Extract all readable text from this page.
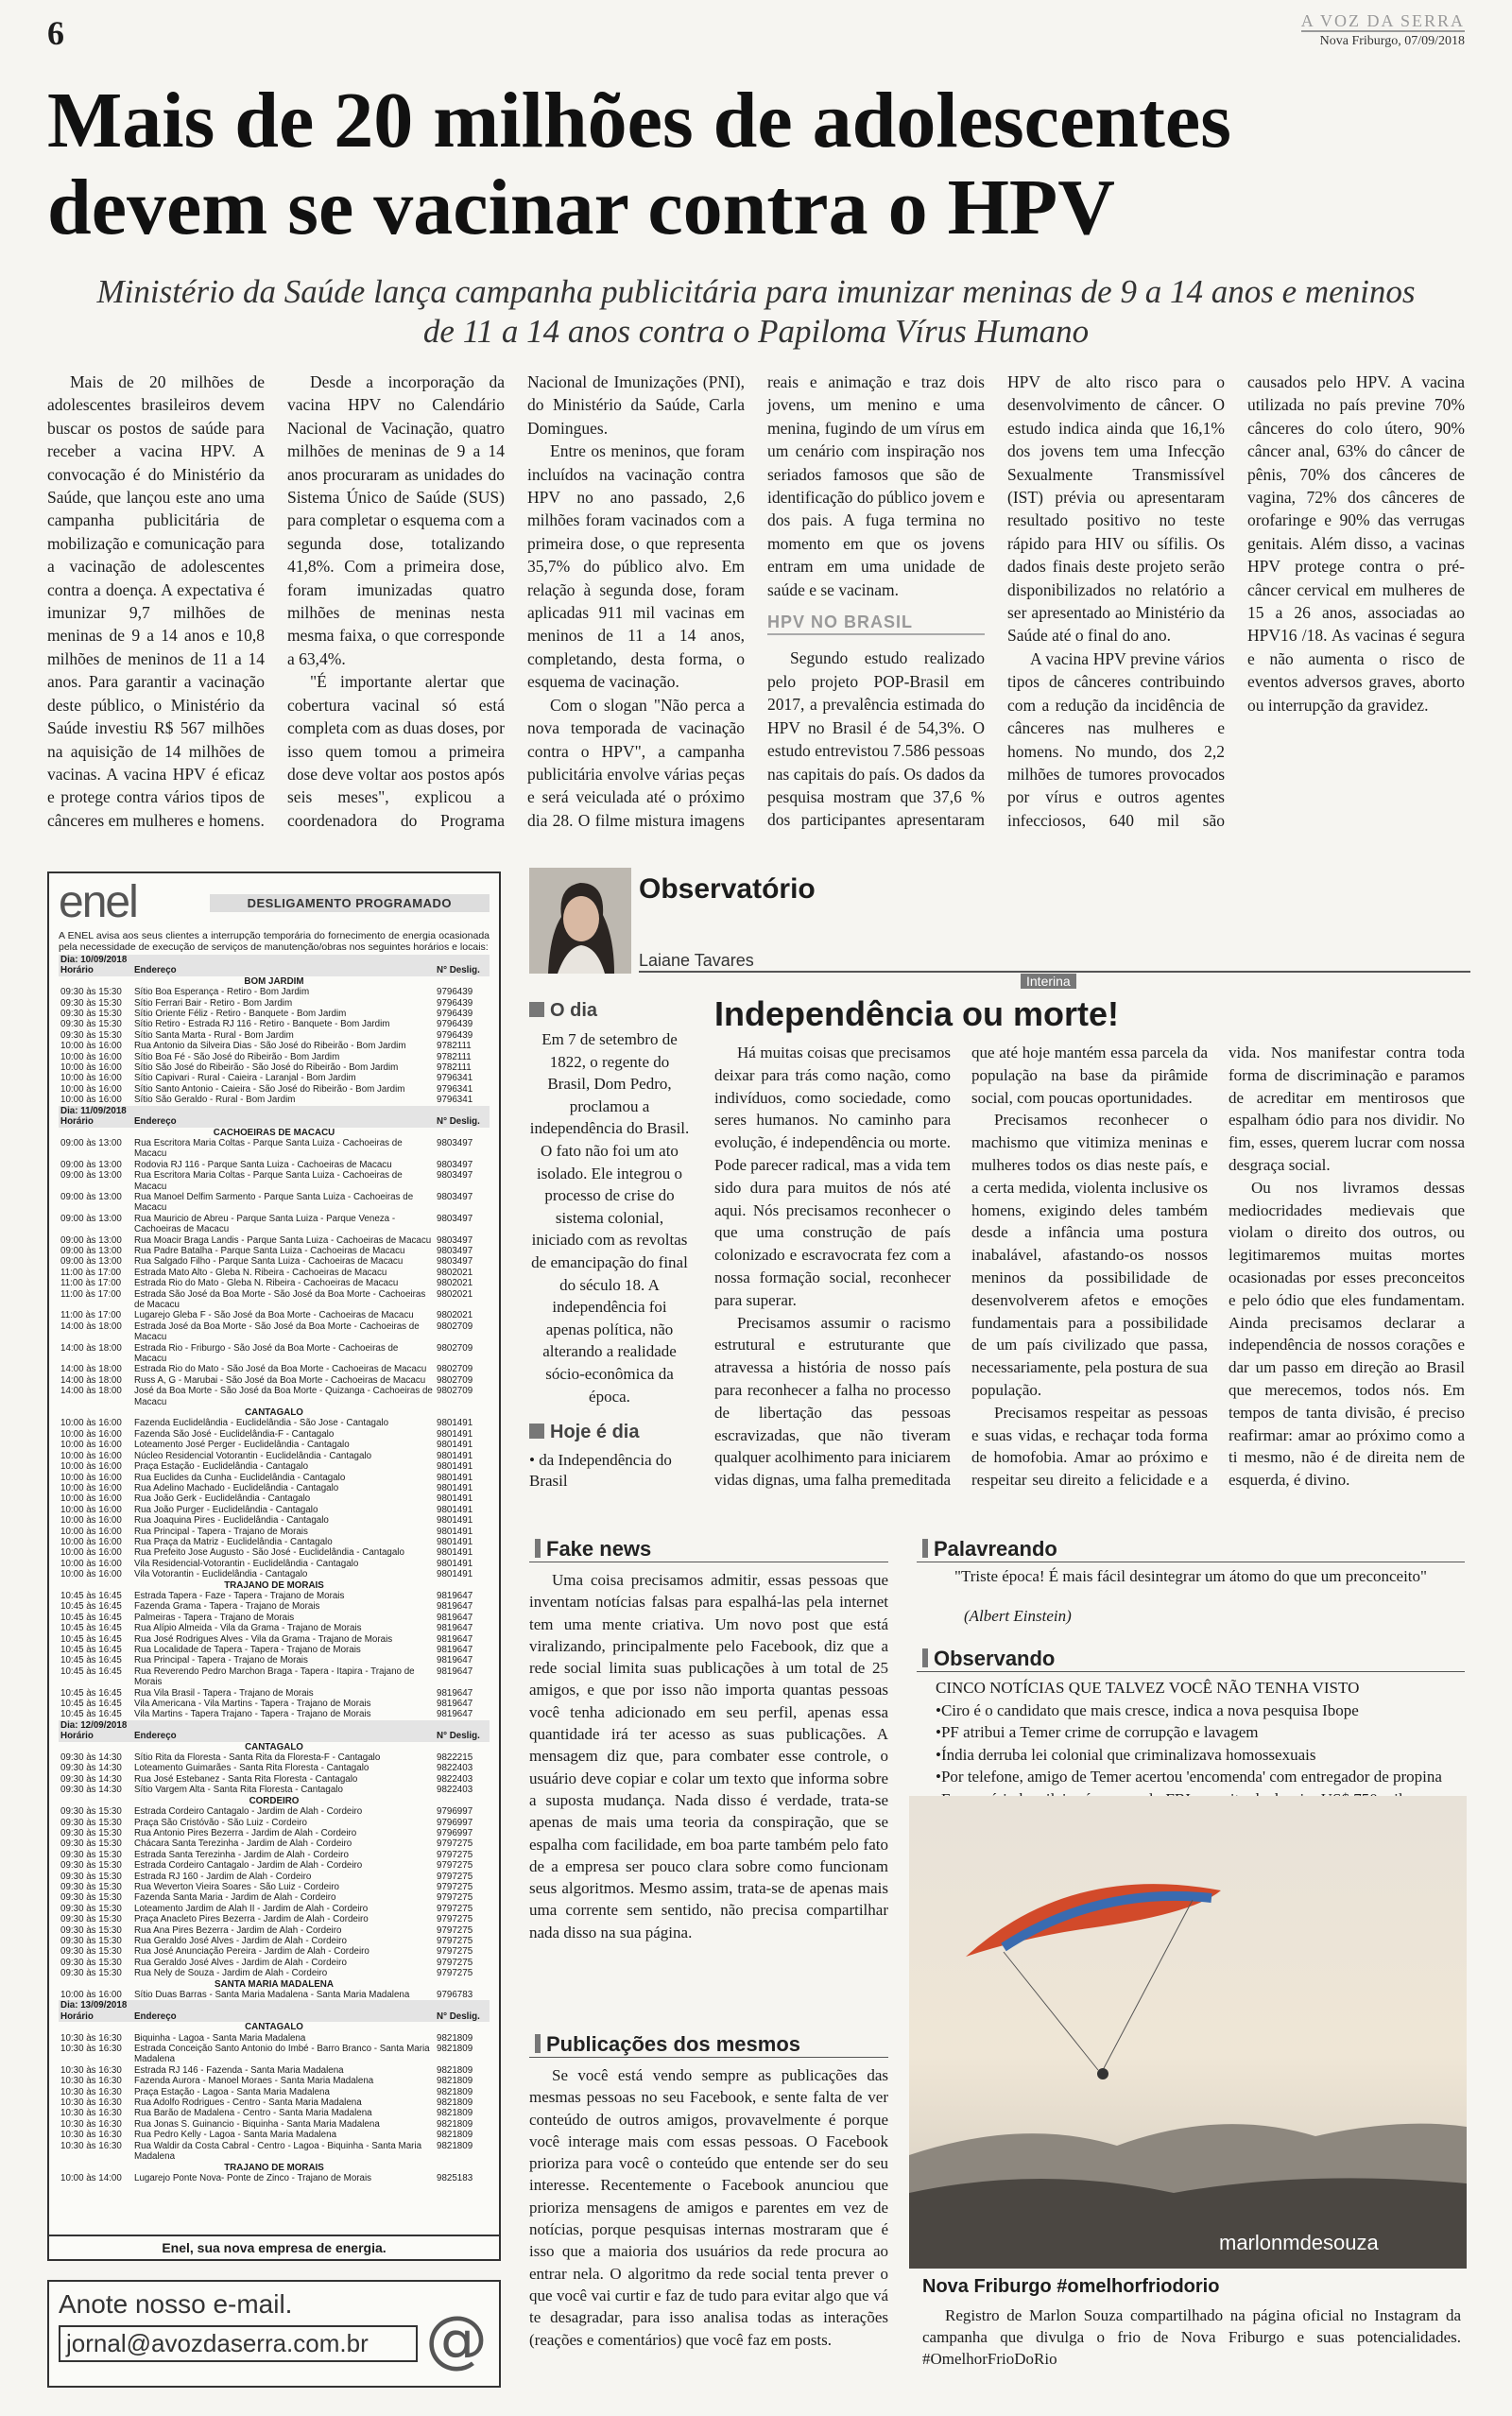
6	A VOZ DA SERRA
Nova Friburgo, 07/09/2018
Mais de 20 milhões de adolescentes devem se vacinar contra o HPV
Ministério da Saúde lança campanha publicitária para imunizar meninas de 9 a 14 anos e meninos de 11 a 14 anos contra o Papiloma Vírus Humano

Mais de 20 milhões de adolescentes brasileiros devem buscar os postos de saúde para receber a vacina HPV. A convocação é do Ministério da Saúde, que lançou este ano uma campanha publicitária de mobilização e comunicação para a vacinação de adolescentes contra a doença. A expectativa é imunizar 9,7 milhões de meninas de 9 a 14 anos e 10,8 milhões de meninos de 11 a 14 anos. Para garantir a vacinação deste público, o Ministério da Saúde investiu R$ 567 milhões na aquisição de 14 milhões de vacinas. A vacina HPV é eficaz e protege contra vários tipos de cânceres em mulheres e homens.

Desde a incorporação da vacina HPV no Calendário Nacional de Vacinação, quatro milhões de meninas de 9 a 14 anos procuraram as unidades do Sistema Único de Saúde (SUS) para completar o esquema com a segunda dose, totalizando 41,8%. Com a primeira dose, foram imunizadas quatro milhões de meninas nesta mesma faixa, o que corresponde a 63,4%.

"É importante alertar que cobertura vacinal só está completa com as duas doses, por isso quem tomou a primeira dose deve voltar aos postos após seis meses", explicou a coordenadora do Programa Nacional de Imunizações (PNI), do Ministério da Saúde, Carla Domingues.

Entre os meninos, que foram incluídos na vacinação contra HPV no ano passado, 2,6 milhões foram vacinados com a primeira dose, o que representa 35,7% do público alvo. Em relação à segunda dose, foram aplicadas 911 mil vacinas em meninos de 11 a 14 anos, completando, desta forma, o esquema de vacinação.

Com o slogan "Não perca a nova temporada de vacinação contra o HPV", a campanha publicitária envolve várias peças e será veiculada até o próximo dia 28. O filme mistura imagens reais e animação e traz dois jovens, um menino e uma menina, fugindo de um vírus em um cenário com inspiração nos seriados famosos que são de identificação do público jovem e dos pais. A fuga termina no momento em que os jovens entram em uma unidade de saúde e se vacinam.

HPV NO BRASIL

Segundo estudo realizado pelo projeto POP-Brasil em 2017, a prevalência estimada do HPV no Brasil é de 54,3%. O estudo entrevistou 7.586 pessoas nas capitais do país. Os dados da pesquisa mostram que 37,6 % dos participantes apresentaram HPV de alto risco para o desenvolvimento de câncer. O estudo indica ainda que 16,1% dos jovens tem uma Infecção Sexualmente Transmissível (IST) prévia ou apresentaram resultado positivo no teste rápido para HIV ou sífilis. Os dados finais deste projeto serão disponibilizados no relatório a ser apresentado ao Ministério da Saúde até o final do ano.

A vacina HPV previne vários tipos de cânceres contribuindo com a redução da incidência de cânceres nas mulheres e homens. No mundo, dos 2,2 milhões de tumores provocados por vírus e outros agentes infecciosos, 640 mil são causados pelo HPV. A vacina utilizada no país previne 70% cânceres do colo útero, 90% câncer anal, 63% do câncer de pênis, 70% dos cânceres de vagina, 72% dos cânceres de orofaringe e 90% das verrugas genitais. Além disso, a vacinas HPV protege contra o pré-câncer cervical em mulheres de 15 a 26 anos, associadas ao HPV16 /18. As vacinas é segura e não aumenta o risco de eventos adversos graves, aborto ou interrupção da gravidez.

enel	DESLIGAMENTO PROGRAMADO
A ENEL avisa aos seus clientes a interrupção temporária do fornecimento de energia ocasionada pela necessidade de execução de serviços de manutenção/obras nos seguintes horários e locais:
Dia: 10/09/2018		
Horário	Endereço	N° Deslig.
BOM JARDIM		
09:30 às 15:30	Sítio Boa Esperança - Retiro - Bom Jardim	9796439
09:30 às 15:30	Sítio Ferrari Bair - Retiro - Bom Jardim	9796439
09:30 às 15:30	Sítio Oriente Féliz - Retiro - Banquete - Bom Jardim	9796439
09:30 às 15:30	Sítio Retiro - Estrada RJ 116 - Retiro - Banquete - Bom Jardim	9796439
09:30 às 15:30	Sítio Santa Marta - Rural - Bom Jardim	9796439
10:00 às 16:00	Rua Antonio da Silveira Dias - São José do Ribeirão - Bom Jardim	9782111
10:00 às 16:00	Sítio Boa Fé - São José do Ribeirão - Bom Jardim	9782111
10:00 às 16:00	Sítio São José do Ribeirão - São José do Ribeirão - Bom Jardim	9782111
10:00 às 16:00	Sítio Capivari - Rural - Caieira - Laranjal - Bom Jardim	9796341
10:00 às 16:00	Sítio Santo Antonio - Caieira - São José do Ribeirão - Bom Jardim	9796341
10:00 às 16:00	Sítio São Geraldo - Rural - Bom Jardim	9796341
Dia: 11/09/2018		
Horário	Endereço	N° Deslig.
CACHOEIRAS DE MACACU		
09:00 às 13:00	Rua Escritora Maria Coltas - Parque Santa Luiza - Cachoeiras de Macacu	9803497
09:00 às 13:00	Rodovia RJ 116 - Parque Santa Luiza - Cachoeiras de Macacu	9803497
09:00 às 13:00	Rua Escritora Maria Coltas - Parque Santa Luiza - Cachoeiras de Macacu	9803497
09:00 às 13:00	Rua Manoel Delfim Sarmento - Parque Santa Luiza - Cachoeiras de Macacu	9803497
09:00 às 13:00	Rua Mauricio de Abreu - Parque Santa Luiza - Parque Veneza - Cachoeiras de Macacu	9803497
09:00 às 13:00	Rua Moacir Braga Landis - Parque Santa Luiza - Cachoeiras de Macacu	9803497
09:00 às 13:00	Rua Padre Batalha - Parque Santa Luiza - Cachoeiras de Macacu	9803497
09:00 às 13:00	Rua Salgado Filho - Parque Santa Luiza - Cachoeiras de Macacu	9803497
11:00 às 17:00	Estrada Mato Alto - Gleba N. Ribeira - Cachoeiras de Macacu	9802021
11:00 às 17:00	Estrada Rio do Mato - Gleba N. Ribeira - Cachoeiras de Macacu	9802021
11:00 às 17:00	Estrada São José da Boa Morte - São José da Boa Morte - Cachoeiras de Macacu	9802021
11:00 às 17:00	Lugarejo Gleba F - São José da Boa Morte - Cachoeiras de Macacu	9802021
14:00 às 18:00	Estrada José da Boa Morte - São José da Boa Morte - Cachoeiras de Macacu	9802709
14:00 às 18:00	Estrada Rio - Friburgo - São José da Boa Morte - Cachoeiras de Macacu	9802709
14:00 às 18:00	Estrada Rio do Mato - São José da Boa Morte - Cachoeiras de Macacu	9802709
14:00 às 18:00	Russ A, G - Marubai - São José da Boa Morte - Cachoeiras de Macacu	9802709
14:00 às 18:00	José da Boa Morte - São José da Boa Morte - Quizanga - Cachoeiras de Macacu	9802709
CANTAGALO		
10:00 às 16:00	Fazenda Euclidelândia - Euclidelândia - São Jose - Cantagalo	9801491
10:00 às 16:00	Fazenda São José - Euclidelândia-F - Cantagalo	9801491
10:00 às 16:00	Loteamento José Perger - Euclidelândia - Cantagalo	9801491
10:00 às 16:00	Núcleo Residencial Votorantin - Euclidelândia - Cantagalo	9801491
10:00 às 16:00	Praça Estação - Euclidelândia - Cantagalo	9801491
10:00 às 16:00	Rua Euclides da Cunha - Euclidelândia - Cantagalo	9801491
10:00 às 16:00	Rua Adelino Machado - Euclidelândia - Cantagalo	9801491
10:00 às 16:00	Rua João Gerk - Euclidelândia - Cantagalo	9801491
10:00 às 16:00	Rua João Purger - Euclidelândia - Cantagalo	9801491
10:00 às 16:00	Rua Joaquina Pires - Euclidelândia - Cantagalo	9801491
10:00 às 16:00	Rua Principal - Tapera - Trajano de Morais	9801491
10:00 às 16:00	Rua Praça da Matriz - Euclidelândia - Cantagalo	9801491
10:00 às 16:00	Rua Prefeito Jose Augusto - São José - Euclidelândia - Cantagalo	9801491
10:00 às 16:00	Vila Residencial-Votorantin - Euclidelândia - Cantagalo	9801491
10:00 às 16:00	Vila Votorantin - Euclidelândia - Cantagalo	9801491
TRAJANO DE MORAIS		
10:45 às 16:45	Estrada Tapera - Faze - Tapera - Trajano de Morais	9819647
10:45 às 16:45	Fazenda Grama - Tapera - Trajano de Morais	9819647
10:45 às 16:45	Palmeiras - Tapera - Trajano de Morais	9819647
10:45 às 16:45	Rua Alípio Almeida - Vila da Grama - Trajano de Morais	9819647
10:45 às 16:45	Rua José Rodrigues Alves - Vila da Grama - Trajano de Morais	9819647
10:45 às 16:45	Rua Localidade de Tapera - Tapera - Trajano de Morais	9819647
10:45 às 16:45	Rua Principal - Tapera - Trajano de Morais	9819647
10:45 às 16:45	Rua Reverendo Pedro Marchon Braga - Tapera - Itapira - Trajano de Morais	9819647
10:45 às 16:45	Rua Vila Brasil - Tapera - Trajano de Morais	9819647
10:45 às 16:45	Vila Americana - Vila Martins - Tapera - Trajano de Morais	9819647
10:45 às 16:45	Vila Martins - Tapera Trajano - Tapera - Trajano de Morais	9819647
Dia: 12/09/2018		
Horário	Endereço	N° Deslig.
CANTAGALO		
09:30 às 14:30	Sítio Rita da Floresta - Santa Rita da Floresta-F - Cantagalo	9822215
09:30 às 14:30	Loteamento Guimarães - Santa Rita Floresta - Cantagalo	9822403
09:30 às 14:30	Rua José Estebanez - Santa Rita Floresta - Cantagalo	9822403
09:30 às 14:30	Sítio Vargem Alta - Santa Rita Floresta - Cantagalo	9822403
CORDEIRO		
09:30 às 15:30	Estrada Cordeiro Cantagalo - Jardim de Alah - Cordeiro	9796997
09:30 às 15:30	Praça São Cristóvão - São Luiz - Cordeiro	9796997
09:30 às 15:30	Rua Antonio Pires Bezerra - Jardim de Alah - Cordeiro	9796997
09:30 às 15:30	Chácara Santa Terezinha - Jardim de Alah - Cordeiro	9797275
09:30 às 15:30	Estrada Santa Terezinha - Jardim de Alah - Cordeiro	9797275
09:30 às 15:30	Estrada Cordeiro Cantagalo - Jardim de Alah - Cordeiro	9797275
09:30 às 15:30	Estrada RJ 160 - Jardim de Alah - Cordeiro	9797275
09:30 às 15:30	Rua Weverton Vieira Soares - São Luiz - Cordeiro	9797275
09:30 às 15:30	Fazenda Santa Maria - Jardim de Alah - Cordeiro	9797275
09:30 às 15:30	Loteamento Jardim de Alah II - Jardim de Alah - Cordeiro	9797275
09:30 às 15:30	Praça Anacleto Pires Bezerra - Jardim de Alah - Cordeiro	9797275
09:30 às 15:30	Rua Ana Pires Bezerra - Jardim de Alah - Cordeiro	9797275
09:30 às 15:30	Rua Geraldo José Alves - Jardim de Alah - Cordeiro	9797275
09:30 às 15:30	Rua José Anunciação Pereira - Jardim de Alah - Cordeiro	9797275
09:30 às 15:30	Rua Geraldo José Alves - Jardim de Alah - Cordeiro	9797275
09:30 às 15:30	Rua Nely de Souza - Jardim de Alah - Cordeiro	9797275
SANTA MARIA MADALENA		
10:00 às 16:00	Sítio Duas Barras - Santa Maria Madalena - Santa Maria Madalena	9796783
Dia: 13/09/2018		
Horário	Endereço	N° Deslig.
CANTAGALO		
10:30 às 16:30	Biquinha - Lagoa - Santa Maria Madalena	9821809
10:30 às 16:30	Estrada Conceição Santo Antonio do Imbé - Barro Branco - Santa Maria Madalena	9821809
10:30 às 16:30	Estrada RJ 146 - Fazenda - Santa Maria Madalena	9821809
10:30 às 16:30	Fazenda Aurora - Manoel Moraes - Santa Maria Madalena	9821809
10:30 às 16:30	Praça Estação - Lagoa - Santa Maria Madalena	9821809
10:30 às 16:30	Rua Adolfo Rodrigues - Centro - Santa Maria Madalena	9821809
10:30 às 16:30	Rua Barão de Madalena - Centro - Santa Maria Madalena	9821809
10:30 às 16:30	Rua Jonas S. Guinancio - Biquinha - Santa Maria Madalena	9821809
10:30 às 16:30	Rua Pedro Kelly - Lagoa - Santa Maria Madalena	9821809
10:30 às 16:30	Rua Waldir da Costa Cabral - Centro - Lagoa - Biquinha - Santa Maria Madalena	9821809
TRAJANO DE MORAIS		
10:00 às 14:00	Lugarejo Ponte Nova- Ponte de Zinco - Trajano de Morais	9825183
Enel, sua nova empresa de energia.
Anote nosso e-mail.
jornal@avozdaserra.com.br @
Observatório
Laiane Tavares
Interina
O dia
Em 7 de setembro de 1822, o regente do Brasil, Dom Pedro, proclamou a independência do Brasil. O fato não foi um ato isolado. Ele integrou o processo de crise do sistema colonial, iniciado com as revoltas de emancipação do final do século 18. A independência foi apenas política, não alterando a realidade sócio-econômica da época.
Hoje é dia
• da Independência do Brasil
Independência ou morte!

Há muitas coisas que precisamos deixar para trás como nação, como indivíduos, como sociedade, como seres humanos. No caminho para evolução, é independência ou morte. Pode parecer radical, mas a vida tem sido dura para muitos de nós até aqui. Nós precisamos reconhecer o que uma construção de país colonizado e escravocrata fez com a nossa formação social, reconhecer para superar.

Precisamos assumir o racismo estrutural e estruturante que atravessa a história de nosso país para reconhecer a falha no processo de libertação das pessoas escravizadas, que não tiveram qualquer acolhimento para iniciarem vidas dignas, uma falha premeditada que até hoje mantém essa parcela da população na base da pirâmide social, com poucas oportunidades.

Precisamos reconhecer o machismo que vitimiza meninas e mulheres todos os dias neste país, e a certa medida, violenta inclusive os homens, exigindo deles também desde a infância uma postura inabalável, afastando-os nossos meninos da possibilidade de desenvolverem afetos e emoções fundamentais para a possibilidade de um país civilizado que passa, necessariamente, pela postura de sua população.

Precisamos respeitar as pessoas e suas vidas, e rechaçar toda forma de homofobia. Amar ao próximo e respeitar seu direito a felicidade e a vida. Nos manifestar contra toda forma de discriminação e paramos de acreditar em mentirosos que espalham ódio para nos dividir. No fim, esses, querem lucrar com nossa desgraça social.

Ou nos livramos dessas mediocridades medievais que violam o direito dos outros, ou legitimaremos muitas mortes ocasionadas por esses preconceitos e pelo ódio que eles fundamentam. Ainda precisamos declarar a independência de nossos corações e dar um passo em direção ao Brasil que merecemos, todos nós. Em tempos de tanta divisão, é preciso reafirmar: amar ao próximo como a ti mesmo, não é de direita nem de esquerda, é divino.

Fake news

Uma coisa precisamos admitir, essas pessoas que inventam notícias falsas para espalhá-las pela internet tem uma mente criativa. Um novo post que está viralizando, principalmente pelo Facebook, diz que a rede social limita suas publicações à um total de 25 amigos, e que por isso não importa quantas pessoas você tenha adicionado em seu perfil, apenas essa quantidade irá ter acesso as suas publicações. A mensagem diz que, para combater esse controle, o usuário deve copiar e colar um texto que informa sobre a suposta mudança. Nada disso é verdade, trata-se apenas de mais uma teoria da conspiração, que se espalha com facilidade, em boa parte também pelo fato de a empresa ser pouco clara sobre como funcionam seus algoritmos. Mesmo assim, trata-se de apenas mais uma corrente sem sentido, não precisa compartilhar nada disso na sua página.

Publicações dos mesmos

Se você está vendo sempre as publicações das mesmas pessoas no seu Facebook, e sente falta de ver conteúdo de outros amigos, provavelmente é porque você interage mais com essas pessoas. O Facebook prioriza para você o conteúdo que entende ser do seu interesse. Recentemente o Facebook anunciou que prioriza mensagens de amigos e parentes em vez de notícias, porque pesquisas internas mostraram que é isso que a maioria dos usuários da rede procura ao entrar nela. O algoritmo da rede social tenta prever o que você vai curtir e faz de tudo para evitar algo que vá te desagradar, para isso analisa todas as interações (reações e comentários) que você faz em posts.

Palavreando
"Triste época! É mais fácil desintegrar um átomo do que um preconceito"
(Albert Einstein)
Observando
CINCO NOTÍCIAS QUE TALVEZ VOCÊ NÃO TENHA VISTO
• Ciro é o candidato que mais cresce, indica a nova pesquisa Ibope
• PF atribui a Temer crime de corrupção e lavagem
• Índia derruba lei colonial que criminalizava homossexuais
• Por telefone, amigo de Temer acertou 'encomenda' com entregador de propina
•
marlonmdesouza
Nova Friburgo #omelhorfriodorio
Registro de Marlon Souza compartilhado na página oficial no Instagram da campanha que divulga o frio de Nova Friburgo e suas potencialidades. #OmelhorFrioDoRio
